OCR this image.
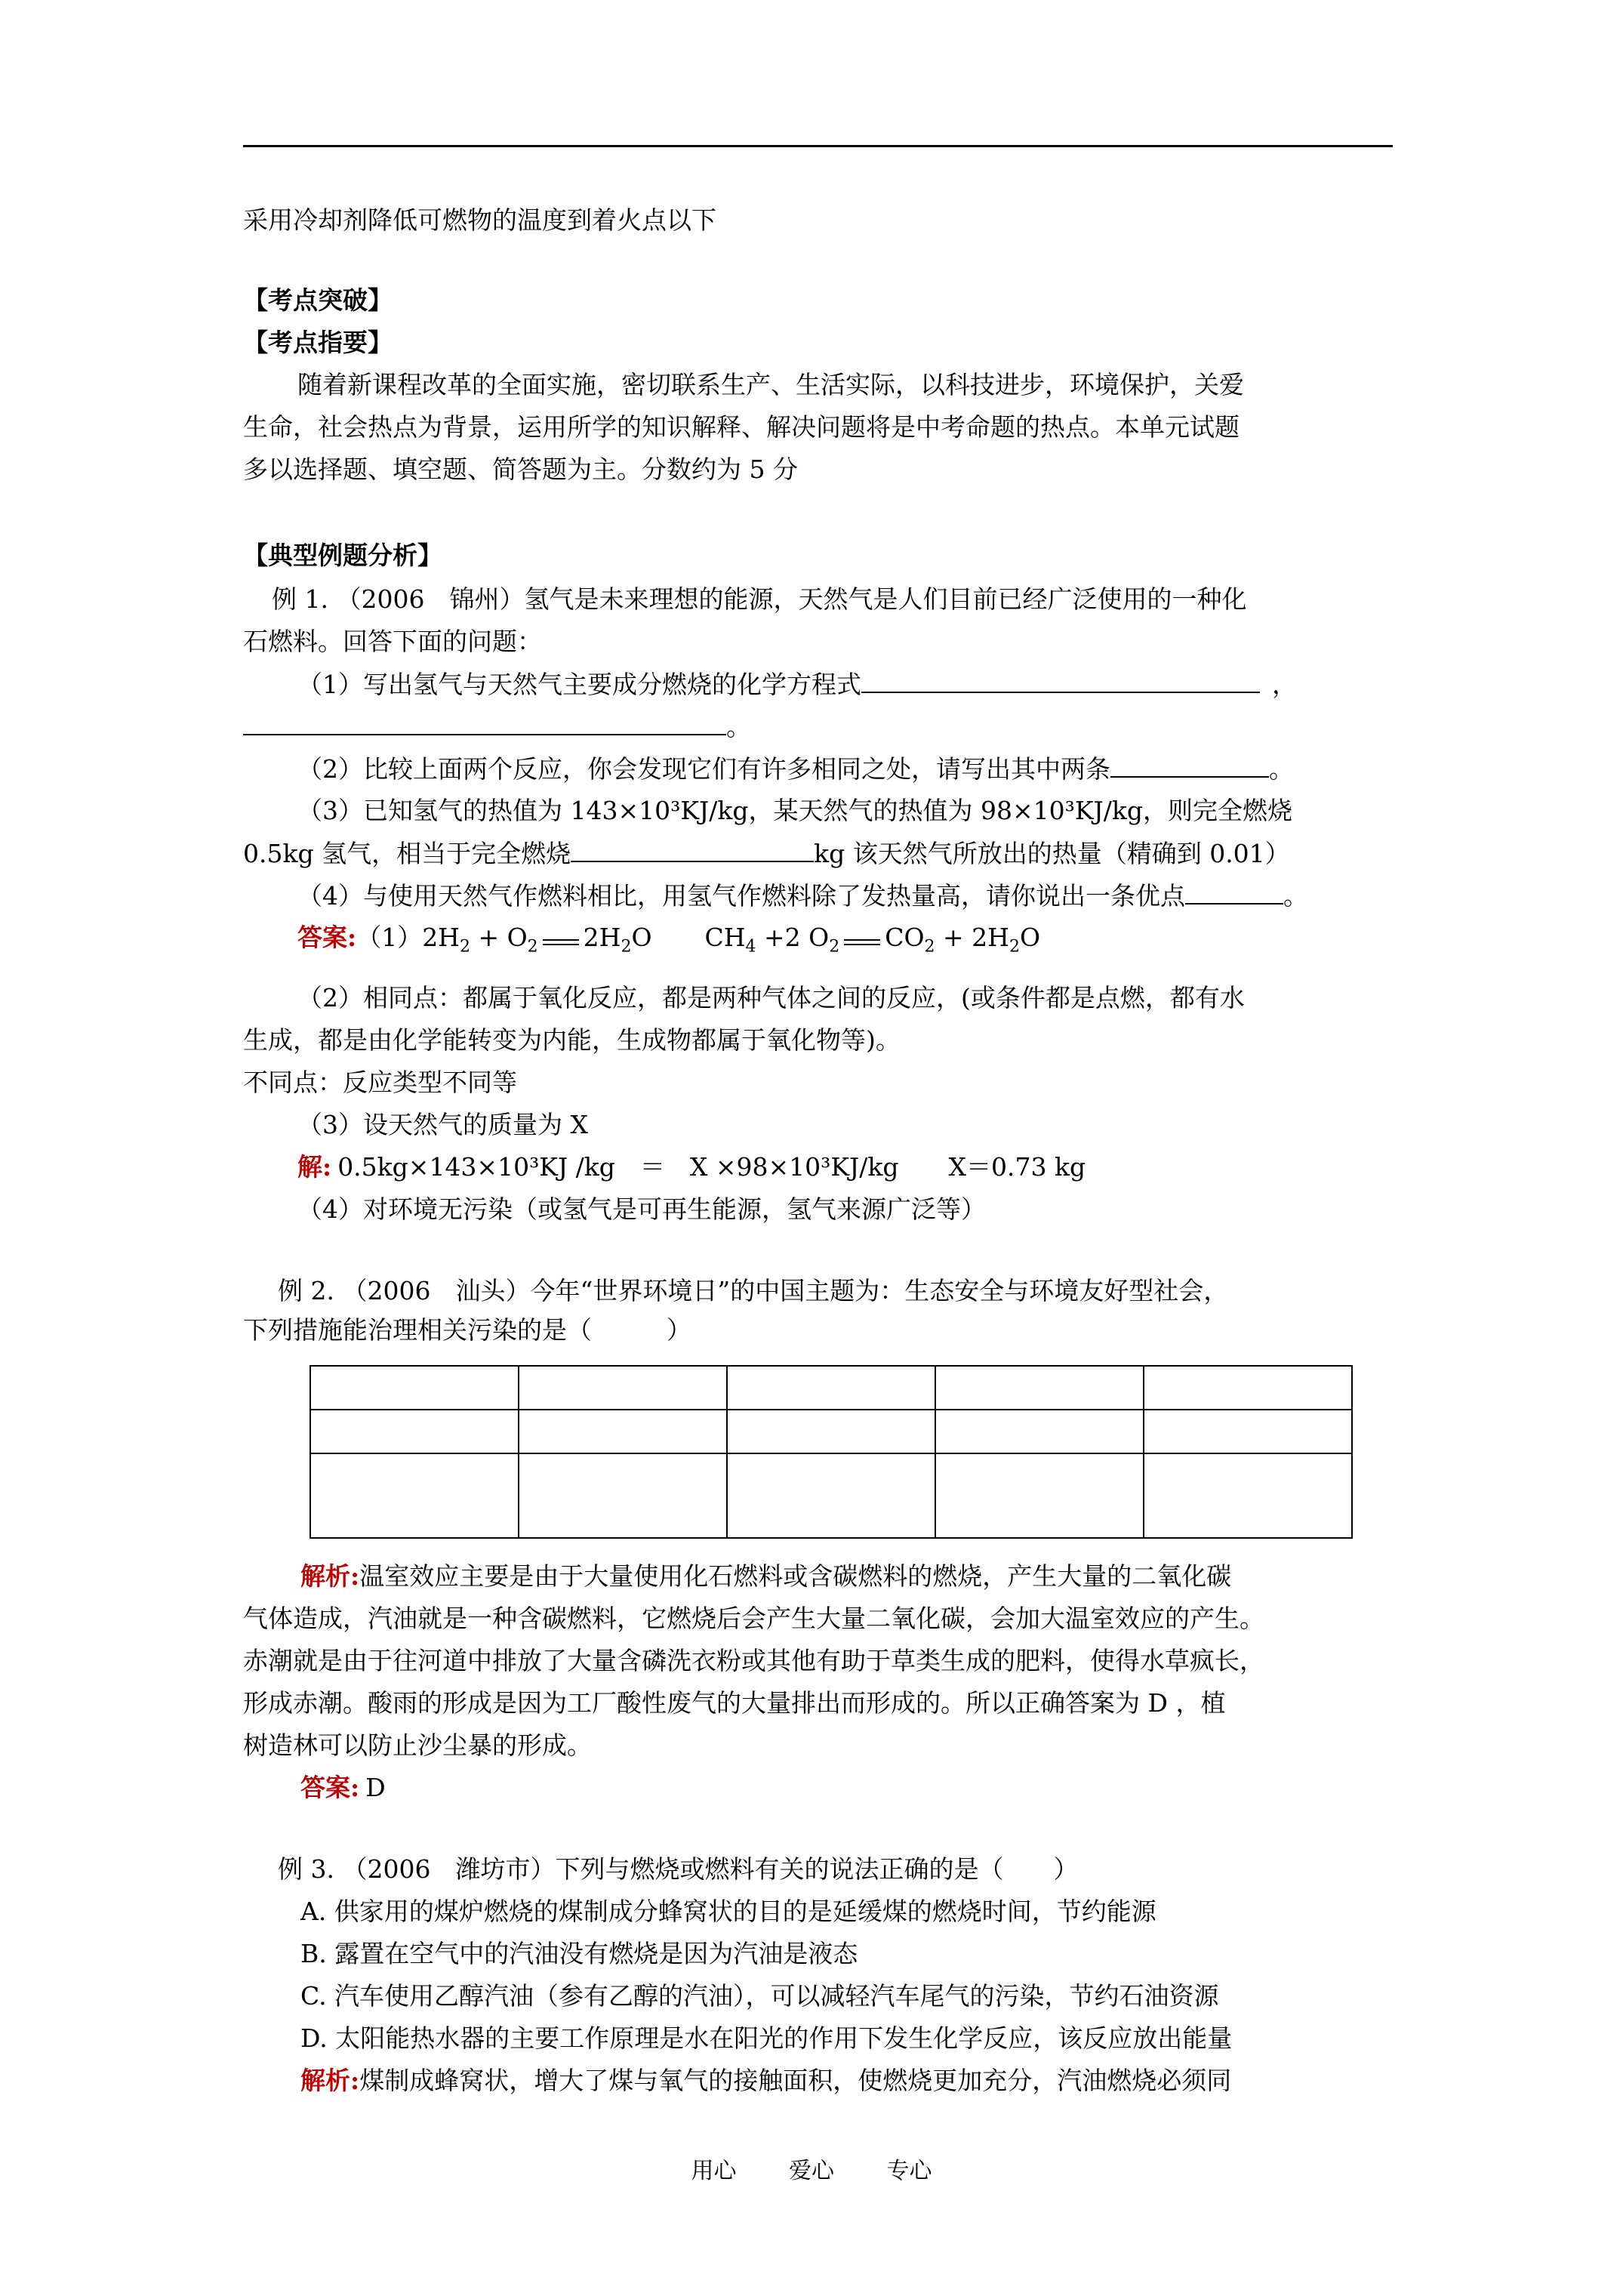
采用冷却剂降低可燃物的温度到着火点以下
【考点突破】
【考点指要】
随着新课程改革的全面实施，密切联系生产、生活实际，以科技进步，环境保护，关爱
生命，社会热点为背景，运用所学的知识解释、解决问题将是中考命题的热点。本单元试题
多以选择题、填空题、简答题为主。分数约为 5 分
【典型例题分析】
例 1. （2006　锦州）氢气是未来理想的能源，天然气是人们目前已经广泛使用的一种化
石燃料。回答下面的问题：
（1）写出氢气与天然气主要成分燃烧的化学方程式	，
。
（2）比较上面两个反应，你会发现它们有许多相同之处，请写出其中两条	。
（3）已知氢气的热值为 143×10³KJ/kg，某天然气的热值为 98×10³KJ/kg，则完全燃烧
0.5kg 氢气，相当于完全燃烧	kg 该天然气所放出的热量（精确到 0.01）
（4）与使用天然气作燃料相比，用氢气作燃料除了发热量高，请你说出一条优点	。
答案$:(1)2H_2 + O_2$ $2H_2O$ $CH_4 +2$ $O_2$ $CO_2 + 2H_2O$
（2）相同点：都属于氧化反应，都是两种气体之间的反应，(或条件都是点燃，都有水
生成，都是由化学能转变为内能，生成物都属于氧化物等)。
不同点：反应类型不同等
（3）设天然气的质量为 X
解: 0.5kg×143×10³KJ /kg　＝　X ×98×10³KJ/kg　　X＝0.73 kg
（4）对环境无污染（或氢气是可再生能源，氢气来源广泛等）
例 2. （2006　汕头）今年“世界环境日”的中国主题为：生态安全与环境友好型社会，
下列措施能治理相关污染的是（　　　）

解析:温室效应主要是由于大量使用化石燃料或含碳燃料的燃烧，产生大量的二氧化碳
气体造成，汽油就是一种含碳燃料，它燃烧后会产生大量二氧化碳，会加大温室效应的产生。
赤潮就是由于往河道中排放了大量含磷洗衣粉或其他有助于草类生成的肥料，使得水草疯长，
形成赤潮。酸雨的形成是因为工厂酸性废气的大量排出而形成的。所以正确答案为 D ，植
树造林可以防止沙尘暴的形成。
答案: D
例 3. （2006　潍坊市）下列与燃烧或燃料有关的说法正确的是（　　）
A. 供家用的煤炉燃烧的煤制成分蜂窝状的目的是延缓煤的燃烧时间，节约能源
B. 露置在空气中的汽油没有燃烧是因为汽油是液态
C. 汽车使用乙醇汽油（参有乙醇的汽油），可以减轻汽车尾气的污染，节约石油资源
D. 太阳能热水器的主要工作原理是水在阳光的作用下发生化学反应，该反应放出能量
解析:煤制成蜂窝状，增大了煤与氧气的接触面积，使燃烧更加充分，汽油燃烧必须同
用心 爱心 专心
